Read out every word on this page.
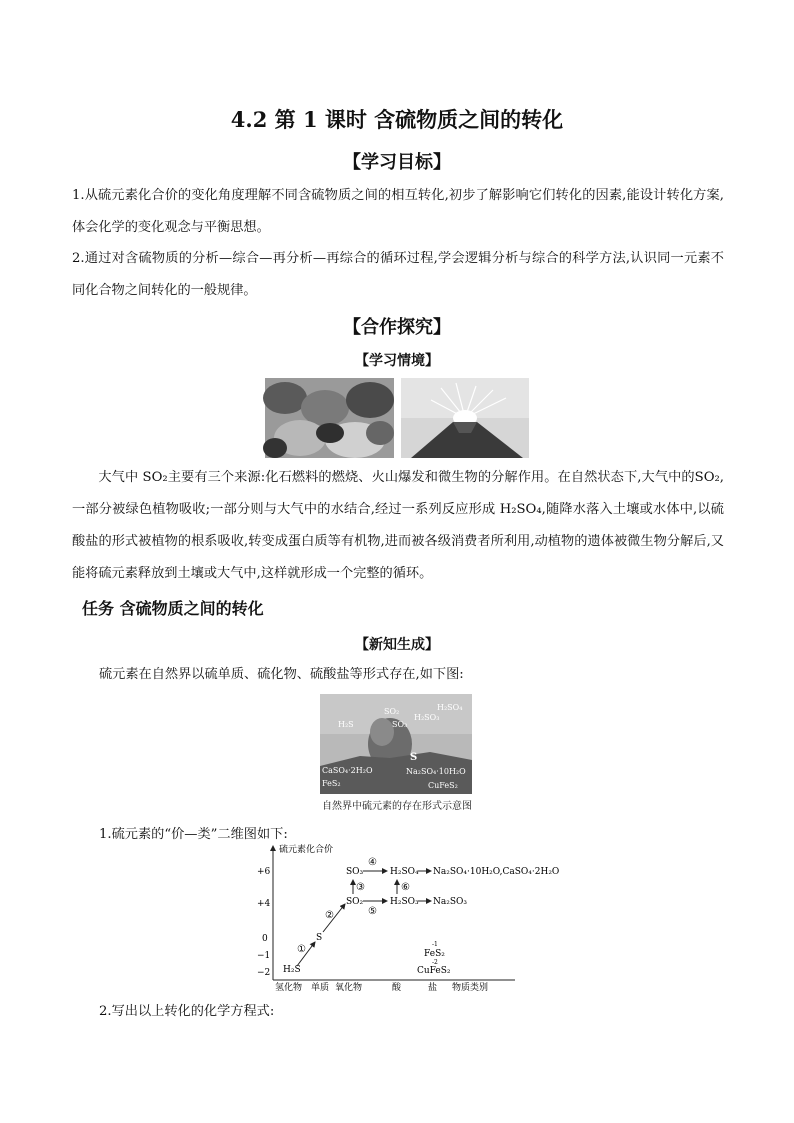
4.2 第 1 课时 含硫物质之间的转化
【学习目标】
1.从硫元素化合价的变化角度理解不同含硫物质之间的相互转化,初步了解影响它们转化的因素,能设计转化方案,体会化学的变化观念与平衡思想。
2.通过对含硫物质的分析—综合—再分析—再综合的循环过程,学会逻辑分析与综合的科学方法,认识同一元素不同化合物之间转化的一般规律。
【合作探究】
【学习情境】
大气中 SO₂主要有三个来源:化石燃料的燃烧、火山爆发和微生物的分解作用。在自然状态下,大气中的SO₂,一部分被绿色植物吸收;一部分则与大气中的水结合,经过一系列反应形成 H₂SO₄,随降水落入土壤或水体中,以硫酸盐的形式被植物的根系吸收,转变成蛋白质等有机物,进而被各级消费者所利用,动植物的遗体被微生物分解后,又能将硫元素释放到土壤或大气中,这样就形成一个完整的循环。
任务 含硫物质之间的转化
【新知生成】
硫元素在自然界以硫单质、硫化物、硫酸盐等形式存在,如下图:
H₂S
SO₂
SO₃
H₂SO₃
H₂SO₄
S
CaSO₄·2H₂O
FeS₂
Na₂SO₄·10H₂O
CuFeS₂
自然界中硫元素的存在形式示意图
1.硫元素的“价—类”二维图如下:
硫元素化合价
+6
+4
0
−1
−2
氢化物 单质 氧化物	酸	盐 物质类别
H₂S
S
SO₂
SO₃	H₂SO₄
H₂SO₃
Na₂SO₄·10H₂O,CaSO₄·2H₂O
Na₂SO₃
-1
FeS₂
-2
CuFeS₂
①
②
③
④
⑤
⑥
2.写出以上转化的化学方程式:
